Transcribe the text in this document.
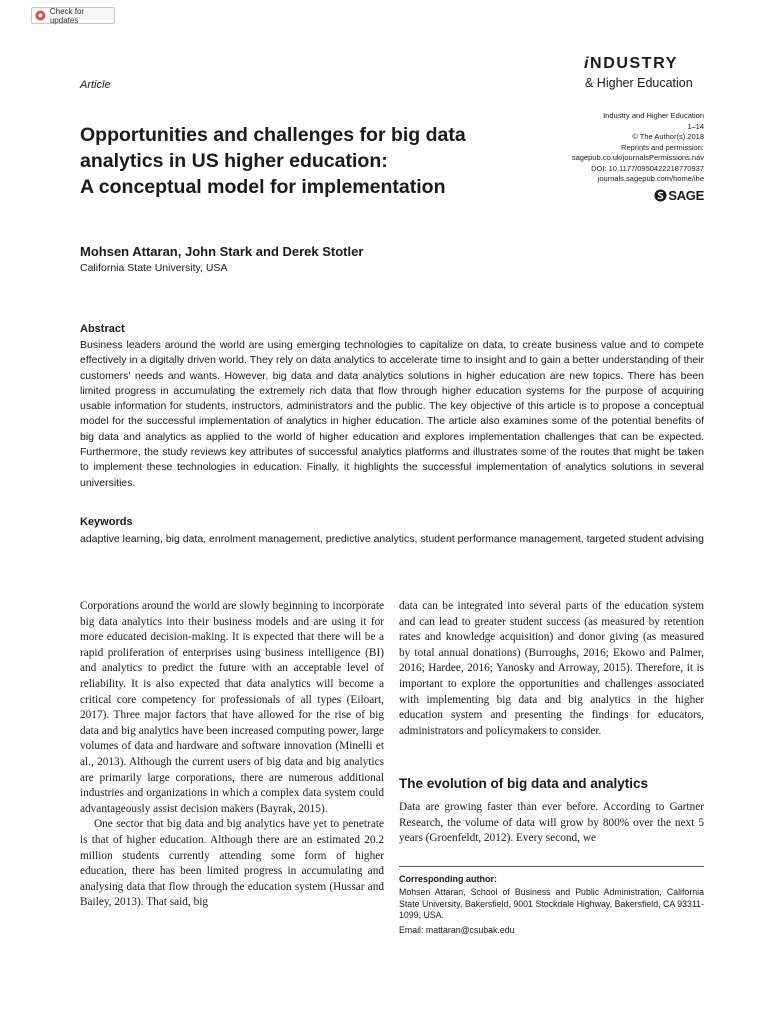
Check for updates
Article
iNDUSTRY
& Higher Education
Opportunities and challenges for big data
analytics in US higher education:
A conceptual model for implementation
Industry and Higher Education
1–14
© The Author(s) 2018
Reprints and permission:
sagepub.co.uk/journalsPermissions.nav
DOI: 10.1177/0950422218770937
journals.sagepub.com/home/ihe
SAGE
Mohsen Attaran, John Stark and Derek Stotler
California State University, USA
Abstract
Business leaders around the world are using emerging technologies to capitalize on data, to create business value and to compete effectively in a digitally driven world. They rely on data analytics to accelerate time to insight and to gain a better understanding of their customers' needs and wants. However, big data and data analytics solutions in higher education are new topics. There has been limited progress in accumulating the extremely rich data that flow through higher education systems for the purpose of acquiring usable information for students, instructors, administrators and the public. The key objective of this article is to propose a conceptual model for the successful implementation of analytics in higher education. The article also examines some of the potential benefits of big data and analytics as applied to the world of higher education and explores implementation challenges that can be expected. Furthermore, the study reviews key attributes of successful analytics platforms and illustrates some of the routes that might be taken to implement these technologies in education. Finally, it highlights the successful implementation of analytics solutions in several universities.
Keywords
adaptive learning, big data, enrolment management, predictive analytics, student performance management, targeted student advising

Corporations around the world are slowly beginning to incorporate big data analytics into their business models and are using it for more educated decision-making. It is expected that there will be a rapid proliferation of enterprises using business intelligence (BI) and analytics to predict the future with an acceptable level of reliability. It is also expected that data analytics will become a critical core competency for professionals of all types (Eiloart, 2017). Three major factors that have allowed for the rise of big data and big analytics have been increased computing power, large volumes of data and hardware and software innovation (Minelli et al., 2013). Although the current users of big data and big analytics are primarily large corporations, there are numerous additional industries and organizations in which a complex data system could advantageously assist decision makers (Bayrak, 2015).

One sector that big data and big analytics have yet to penetrate is that of higher education. Although there are an estimated 20.2 million students currently attending some form of higher education, there has been limited progress in accumulating and analysing data that flow through the education system (Hussar and Bailey, 2013). That said, big

data can be integrated into several parts of the education system and can lead to greater student success (as measured by retention rates and knowledge acquisition) and donor giving (as measured by total annual donations) (Burroughs, 2016; Ekowo and Palmer, 2016; Hardee, 2016; Yanosky and Arroway, 2015). Therefore, it is important to explore the opportunities and challenges associated with implementing big data and big analytics in the higher education system and presenting the findings for educators, administrators and policymakers to consider.

The evolution of big data and analytics

Data are growing faster than ever before. According to Gartner Research, the volume of data will grow by 800% over the next 5 years (Groenfeldt, 2012). Every second, we

Corresponding author:
Mohsen Attaran, School of Business and Public Administration, California State University, Bakersfield, 9001 Stockdale Highway, Bakersfield, CA 93311-1099, USA.
Email: mattaran@csubak.edu
